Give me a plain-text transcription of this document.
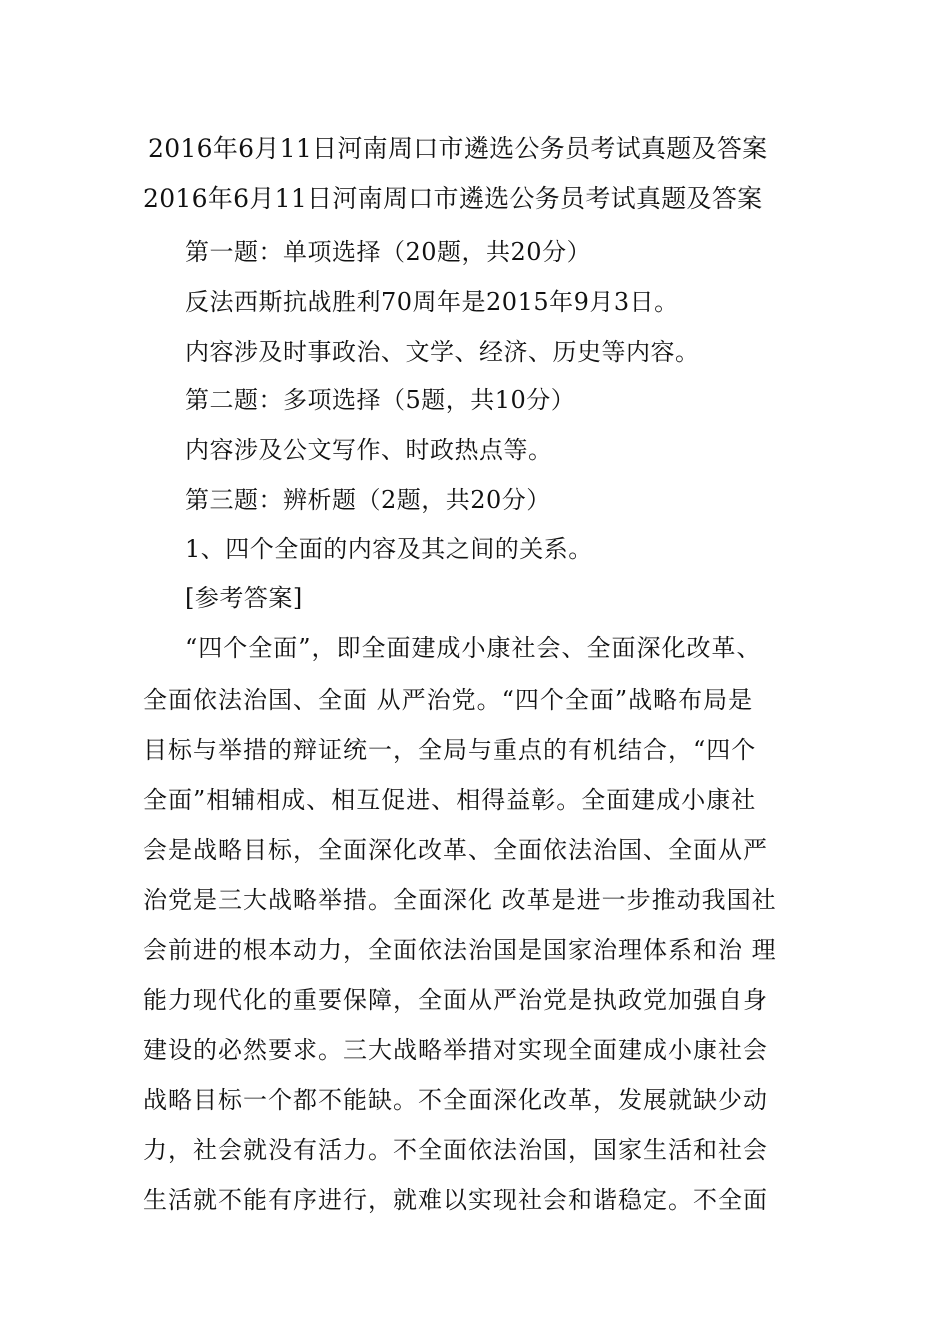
2016年6月11日河南周口市遴选公务员考试真题及答案
2016年6月11日河南周口市遴选公务员考试真题及答案
第一题：单项选择（20题，共20分）
反法西斯抗战胜利70周年是2015年9月3日。
内容涉及时事政治、文学、经济、历史等内容。
第二题：多项选择（5题，共10分）
内容涉及公文写作、时政热点等。
第三题：辨析题（2题，共20分）
1、四个全面的内容及其之间的关系。
[参考答案]
“四个全面”，即全面建成小康社会、全面深化改革、
全面依法治国、全面 从严治党。“四个全面”战略布局是
目标与举措的辩证统一，全局与重点的有机结合，“四个
全面”相辅相成、相互促进、相得益彰。全面建成小康社
会是战略目标，全面深化改革、全面依法治国、全面从严
治党是三大战略举措。全面深化 改革是进一步推动我国社
会前进的根本动力，全面依法治国是国家治理体系和治 理
能力现代化的重要保障，全面从严治党是执政党加强自身
建设的必然要求。三大战略举措对实现全面建成小康社会
战略目标一个都不能缺。不全面深化改革，发展就缺少动
力，社会就没有活力。不全面依法治国，国家生活和社会
生活就不能有序进行，就难以实现社会和谐稳定。不全面
